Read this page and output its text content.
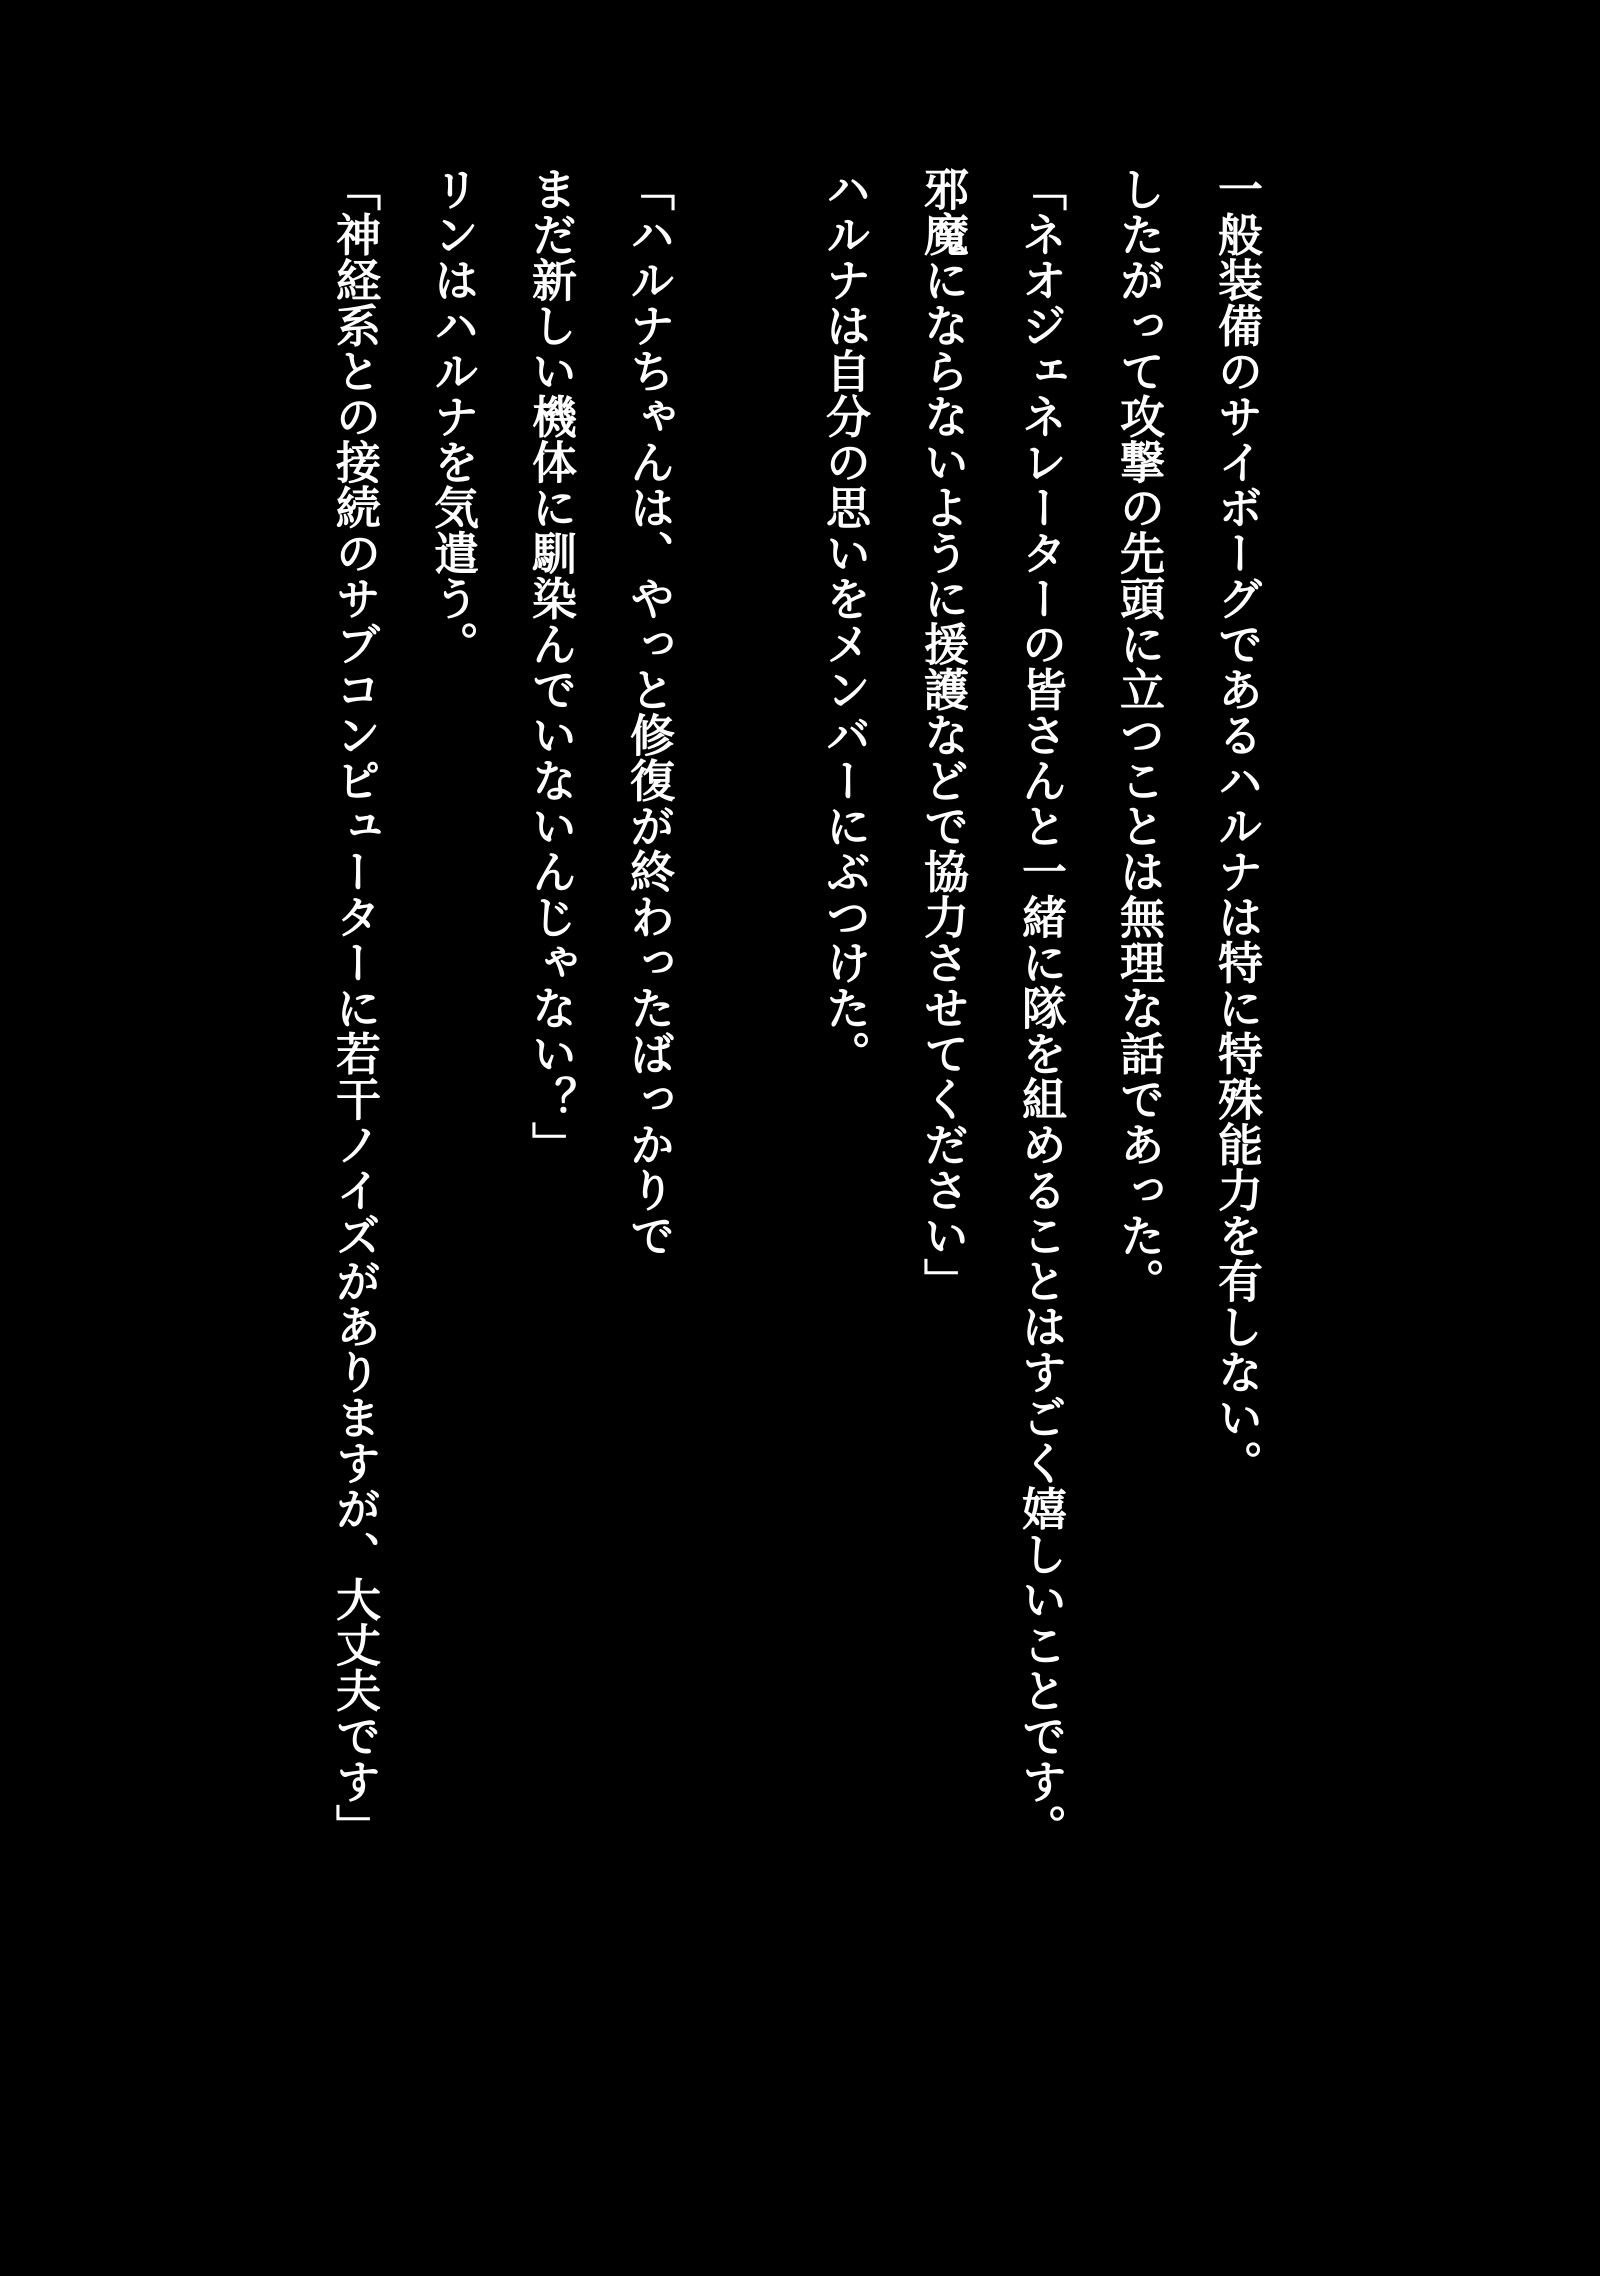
一般装備のサイボーグであるハルナは特に特殊能力を有しない。

したがって攻撃の先頭に立つことは無理な話であった。

「ネオジェネレーターの皆さんと一緒に隊を組めることはすごく嬉しいことです。

邪魔にならないように援護などで協力させてください」

ハルナは自分の思いをメンバーにぶつけた。

「ハルナちゃんは、やっと修復が終わったばっかりで

まだ新しい機体に馴染んでいないんじゃない？」

リンはハルナを気遣う。

「神経系との接続のサブコンピューターに若干ノイズがありますが、大丈夫です」
